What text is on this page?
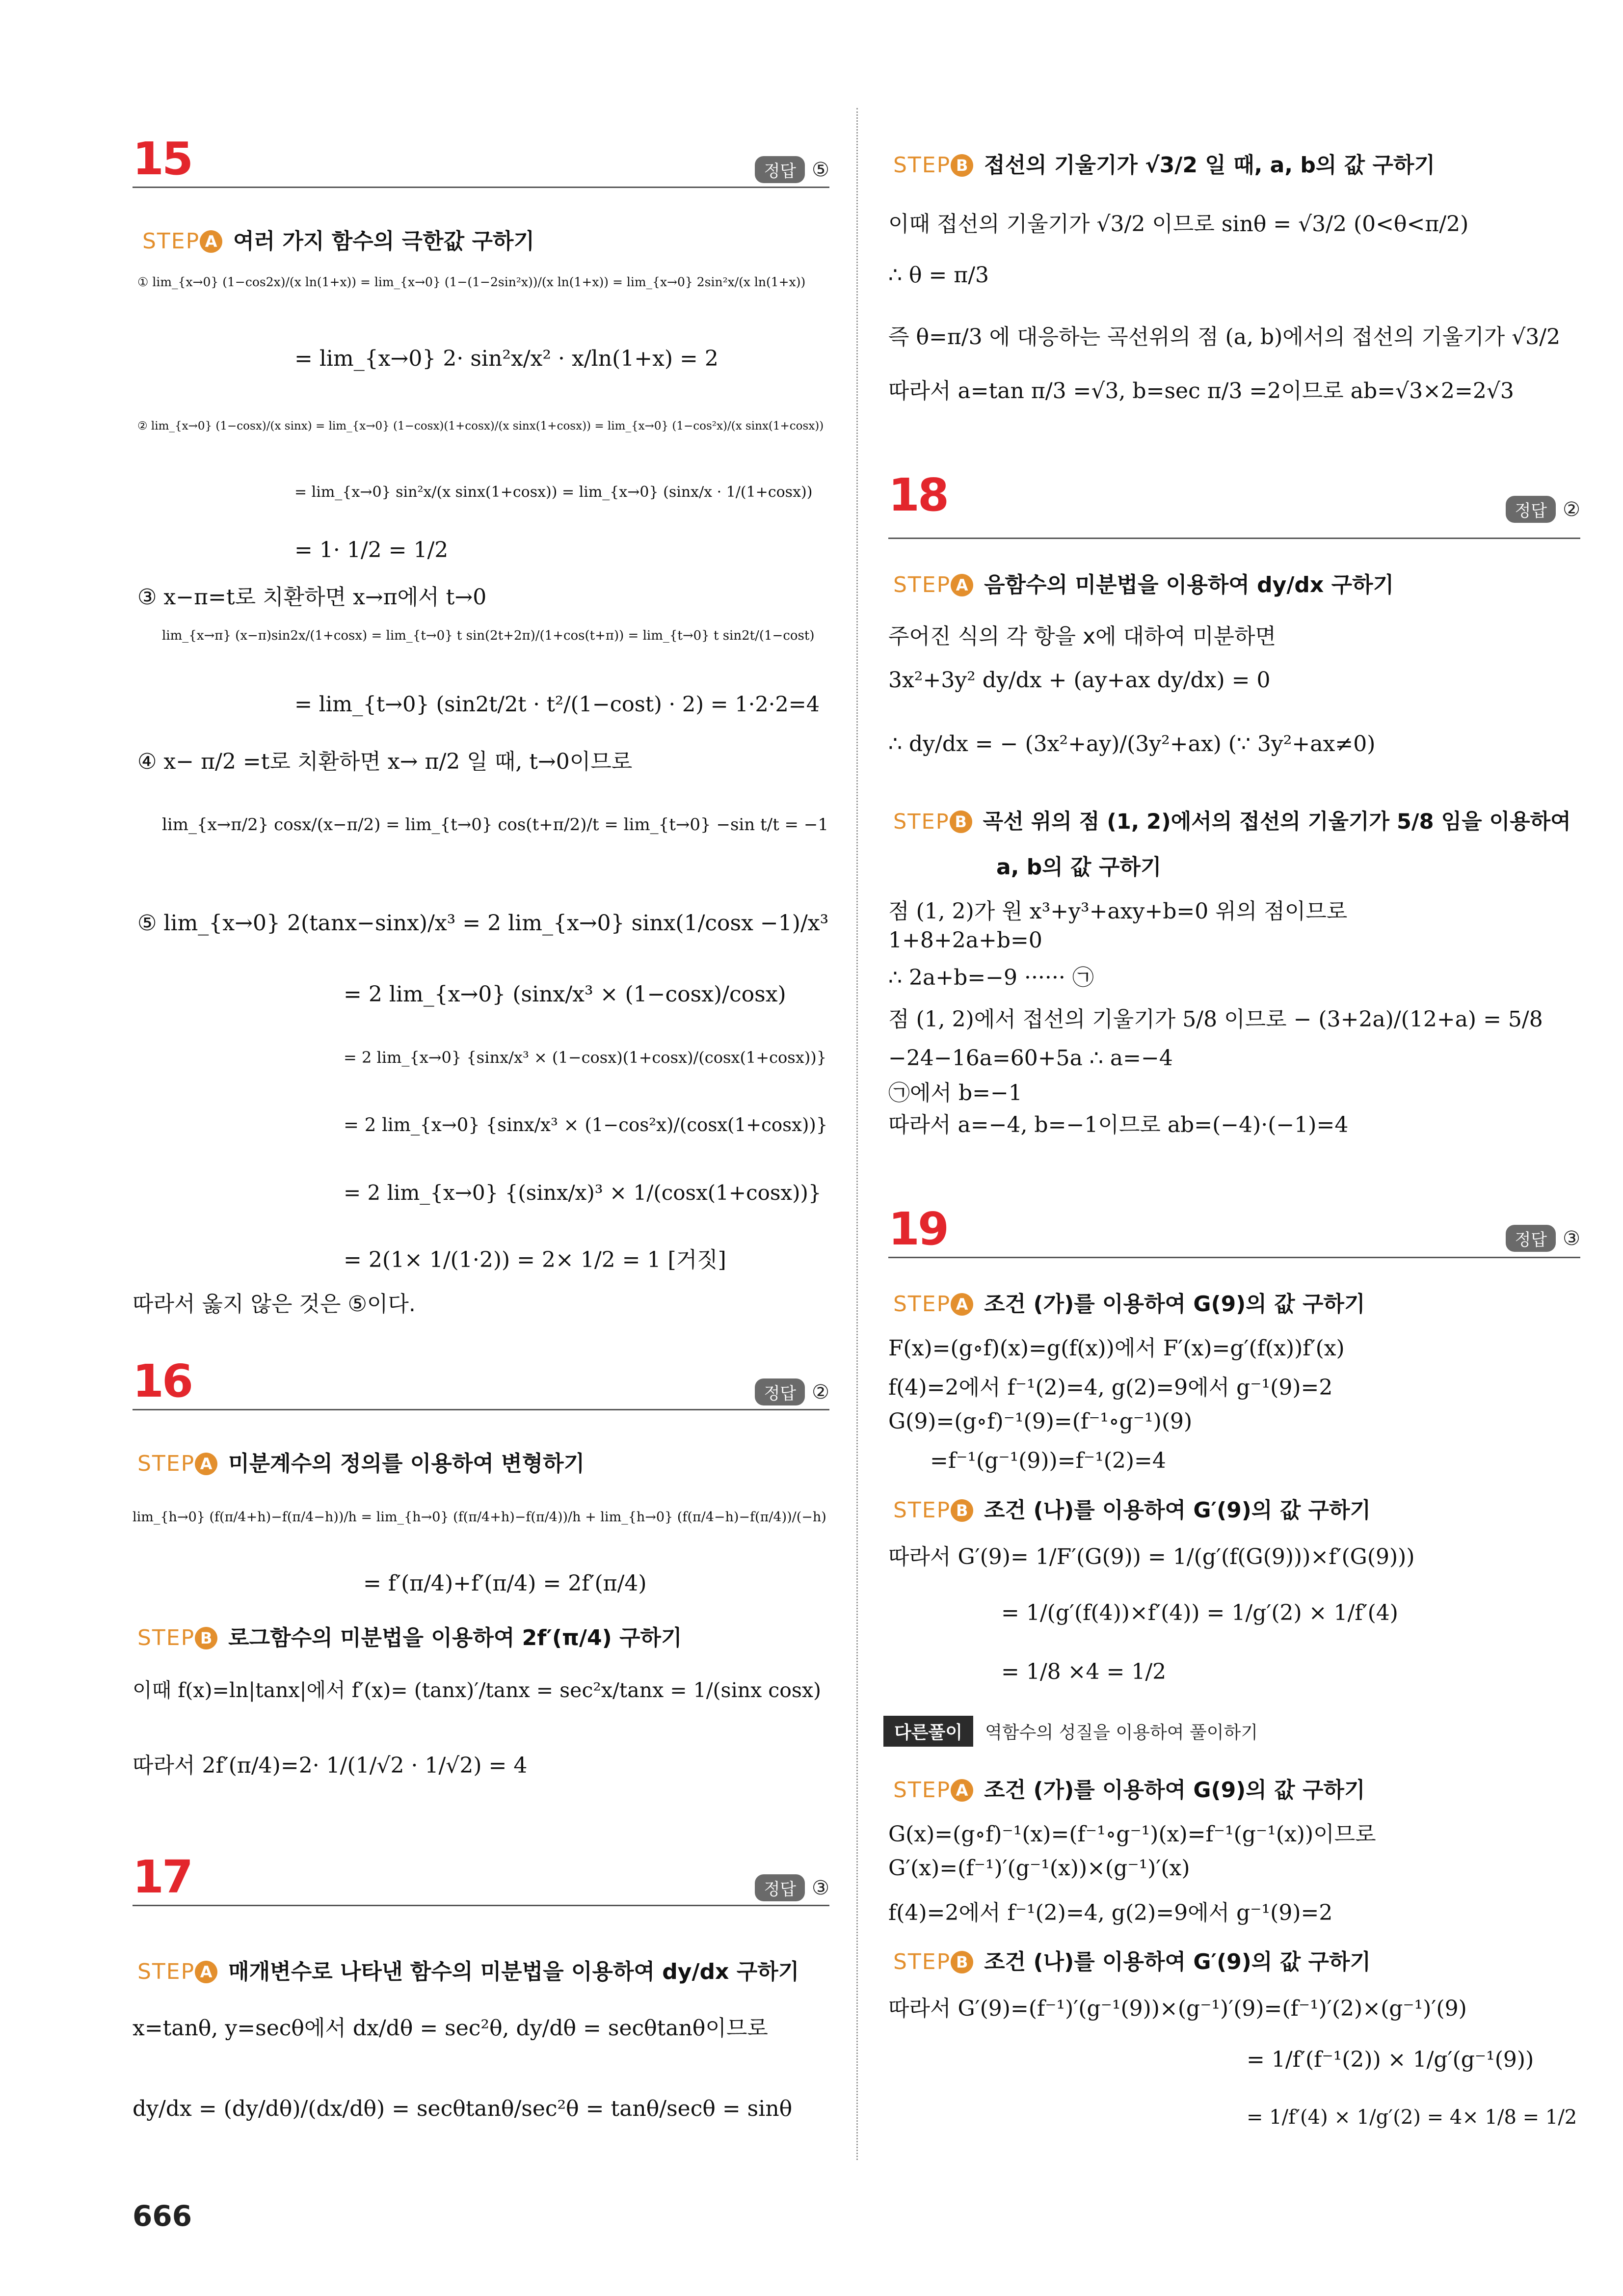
15	정답 ⑤
STEP A 여러 가지 함수의 극한값 구하기
① lim_{x→0} (1−cos2x)/(x ln(1+x)) = lim_{x→0} (1−(1−2sin²x))/(x ln(1+x)) = lim_{x→0} 2sin²x/(x ln(1+x))
= lim_{x→0} 2· sin²x/x² · x/ln(1+x) = 2
② lim_{x→0} (1−cosx)/(x sinx) = lim_{x→0} (1−cosx)(1+cosx)/(x sinx(1+cosx)) = lim_{x→0} (1−cos²x)/(x sinx(1+cosx))
= lim_{x→0} sin²x/(x sinx(1+cosx)) = lim_{x→0} (sinx/x · 1/(1+cosx))
= 1· 1/2 = 1/2
③ x−π=t로 치환하면 x→π에서 t→0
lim_{x→π} (x−π)sin2x/(1+cosx) = lim_{t→0} t sin(2t+2π)/(1+cos(t+π)) = lim_{t→0} t sin2t/(1−cost)
= lim_{t→0} (sin2t/2t · t²/(1−cost) · 2) = 1·2·2=4
④ x− π/2 =t로 치환하면 x→ π/2 일 때, t→0이므로
lim_{x→π/2} cosx/(x−π/2) = lim_{t→0} cos(t+π/2)/t = lim_{t→0} −sin t/t = −1
⑤ lim_{x→0} 2(tanx−sinx)/x³ = 2 lim_{x→0} sinx(1/cosx −1)/x³
= 2 lim_{x→0} (sinx/x³ × (1−cosx)/cosx)
= 2 lim_{x→0} {sinx/x³ × (1−cosx)(1+cosx)/(cosx(1+cosx))}
= 2 lim_{x→0} {sinx/x³ × (1−cos²x)/(cosx(1+cosx))}
= 2 lim_{x→0} {(sinx/x)³ × 1/(cosx(1+cosx))}
= 2(1× 1/(1·2)) = 2× 1/2 = 1 [거짓]
따라서 옳지 않은 것은 ⑤이다.
16	정답 ②
STEP A 미분계수의 정의를 이용하여 변형하기
lim_{h→0} (f(π/4+h)−f(π/4−h))/h = lim_{h→0} (f(π/4+h)−f(π/4))/h + lim_{h→0} (f(π/4−h)−f(π/4))/(−h)
= f′(π/4)+f′(π/4) = 2f′(π/4)
STEP B 로그함수의 미분법을 이용하여 2f′(π/4) 구하기
이때 f(x)=ln|tanx|에서 f′(x)= (tanx)′/tanx = sec²x/tanx = 1/(sinx cosx)
따라서 2f′(π/4)=2· 1/(1/√2 · 1/√2) = 4
17	정답 ③
STEP A 매개변수로 나타낸 함수의 미분법을 이용하여 dy/dx 구하기
x=tanθ, y=secθ에서 dx/dθ = sec²θ, dy/dθ = secθtanθ이므로
dy/dx = (dy/dθ)/(dx/dθ) = secθtanθ/sec²θ = tanθ/secθ = sinθ
STEP B 접선의 기울기가 √3/2 일 때, a, b의 값 구하기
이때 접선의 기울기가 √3/2 이므로 sinθ = √3/2 (0<θ<π/2)
∴ θ = π/3
즉 θ=π/3 에 대응하는 곡선위의 점 (a, b)에서의 접선의 기울기가 √3/2
따라서 a=tan π/3 =√3, b=sec π/3 =2이므로 ab=√3×2=2√3
18	정답 ②
STEP A 음함수의 미분법을 이용하여 dy/dx 구하기
주어진 식의 각 항을 x에 대하여 미분하면
3x²+3y² dy/dx + (ay+ax dy/dx) = 0
∴ dy/dx = − (3x²+ay)/(3y²+ax) (∵ 3y²+ax≠0)
STEP B 곡선 위의 점 (1, 2)에서의 접선의 기울기가 5/8 임을 이용하여
a, b의 값 구하기
점 (1, 2)가 원 x³+y³+axy+b=0 위의 점이므로
1+8+2a+b=0
∴ 2a+b=−9 ······ ㉠
점 (1, 2)에서 접선의 기울기가 5/8 이므로 − (3+2a)/(12+a) = 5/8
−24−16a=60+5a ∴ a=−4
㉠에서 b=−1
따라서 a=−4, b=−1이므로 ab=(−4)·(−1)=4
19	정답 ③
STEP A 조건 (가)를 이용하여 G(9)의 값 구하기
F(x)=(g∘f)(x)=g(f(x))에서 F′(x)=g′(f(x))f′(x)
f(4)=2에서 f⁻¹(2)=4, g(2)=9에서 g⁻¹(9)=2
G(9)=(g∘f)⁻¹(9)=(f⁻¹∘g⁻¹)(9)
=f⁻¹(g⁻¹(9))=f⁻¹(2)=4
STEP B 조건 (나)를 이용하여 G′(9)의 값 구하기
따라서 G′(9)= 1/F′(G(9)) = 1/(g′(f(G(9)))×f′(G(9)))
= 1/(g′(f(4))×f′(4)) = 1/g′(2) × 1/f′(4)
= 1/8 ×4 = 1/2
다른풀이	역함수의 성질을 이용하여 풀이하기
STEP A 조건 (가)를 이용하여 G(9)의 값 구하기
G(x)=(g∘f)⁻¹(x)=(f⁻¹∘g⁻¹)(x)=f⁻¹(g⁻¹(x))이므로
G′(x)=(f⁻¹)′(g⁻¹(x))×(g⁻¹)′(x)
f(4)=2에서 f⁻¹(2)=4, g(2)=9에서 g⁻¹(9)=2
STEP B 조건 (나)를 이용하여 G′(9)의 값 구하기
따라서 G′(9)=(f⁻¹)′(g⁻¹(9))×(g⁻¹)′(9)=(f⁻¹)′(2)×(g⁻¹)′(9)
= 1/f′(f⁻¹(2)) × 1/g′(g⁻¹(9))
= 1/f′(4) × 1/g′(2) = 4× 1/8 = 1/2
666
